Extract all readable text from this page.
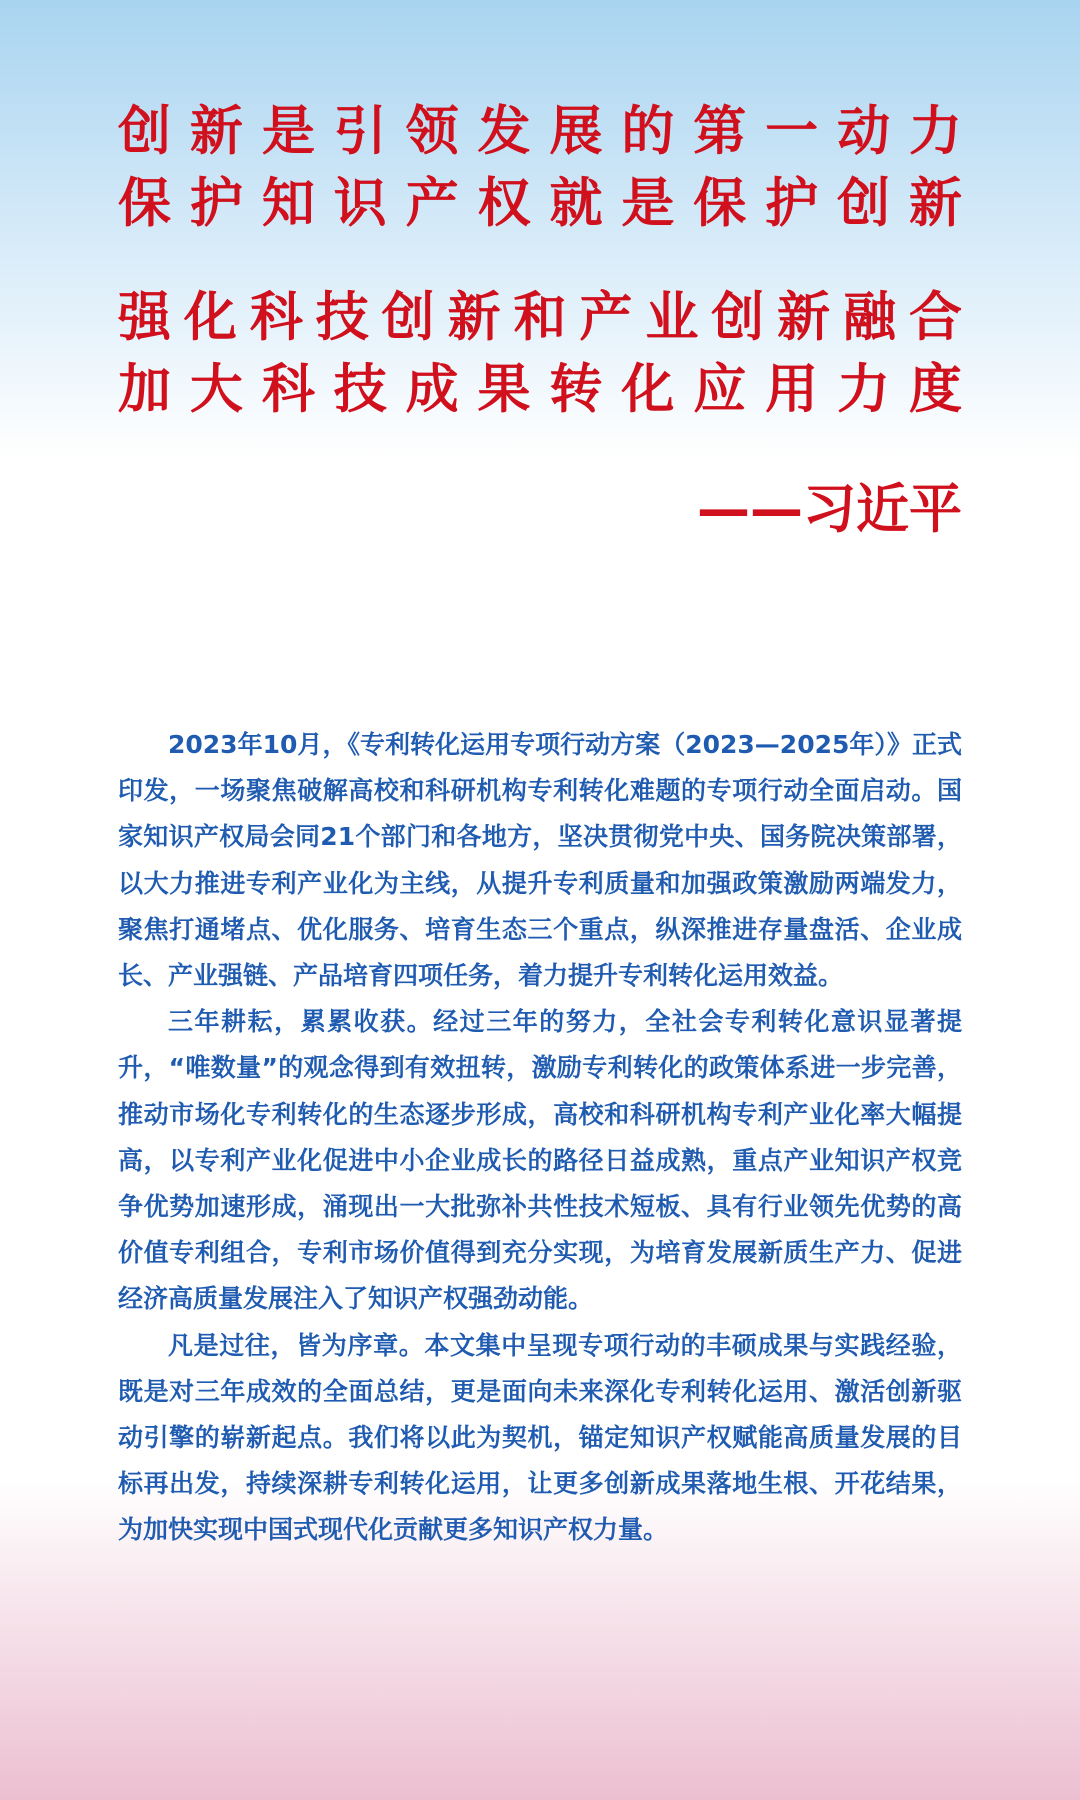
创新是引领发展的第一动力
保护知识产权就是保护创新
强化科技创新和产业创新融合
加大科技成果转化应用力度
——习近平

2023年10月，《专利转化运用专项行动方案（2023—2025年）》正式印发，一场聚焦破解高校和科研机构专利转化难题的专项行动全面启动。国家知识产权局会同21个部门和各地方，坚决贯彻党中央、国务院决策部署，以大力推进专利产业化为主线，从提升专利质量和加强政策激励两端发力，聚焦打通堵点、优化服务、培育生态三个重点，纵深推进存量盘活、企业成长、产业强链、产品培育四项任务，着力提升专利转化运用效益。

三年耕耘，累累收获。经过三年的努力，全社会专利转化意识显著提升，“唯数量”的观念得到有效扭转，激励专利转化的政策体系进一步完善，推动市场化专利转化的生态逐步形成，高校和科研机构专利产业化率大幅提高，以专利产业化促进中小企业成长的路径日益成熟，重点产业知识产权竞争优势加速形成，涌现出一大批弥补共性技术短板、具有行业领先优势的高价值专利组合，专利市场价值得到充分实现，为培育发展新质生产力、促进经济高质量发展注入了知识产权强劲动能。

凡是过往，皆为序章。本文集中呈现专项行动的丰硕成果与实践经验，既是对三年成效的全面总结，更是面向未来深化专利转化运用、激活创新驱动引擎的崭新起点。我们将以此为契机，锚定知识产权赋能高质量发展的目标再出发，持续深耕专利转化运用，让更多创新成果落地生根、开花结果，为加快实现中国式现代化贡献更多知识产权力量。
